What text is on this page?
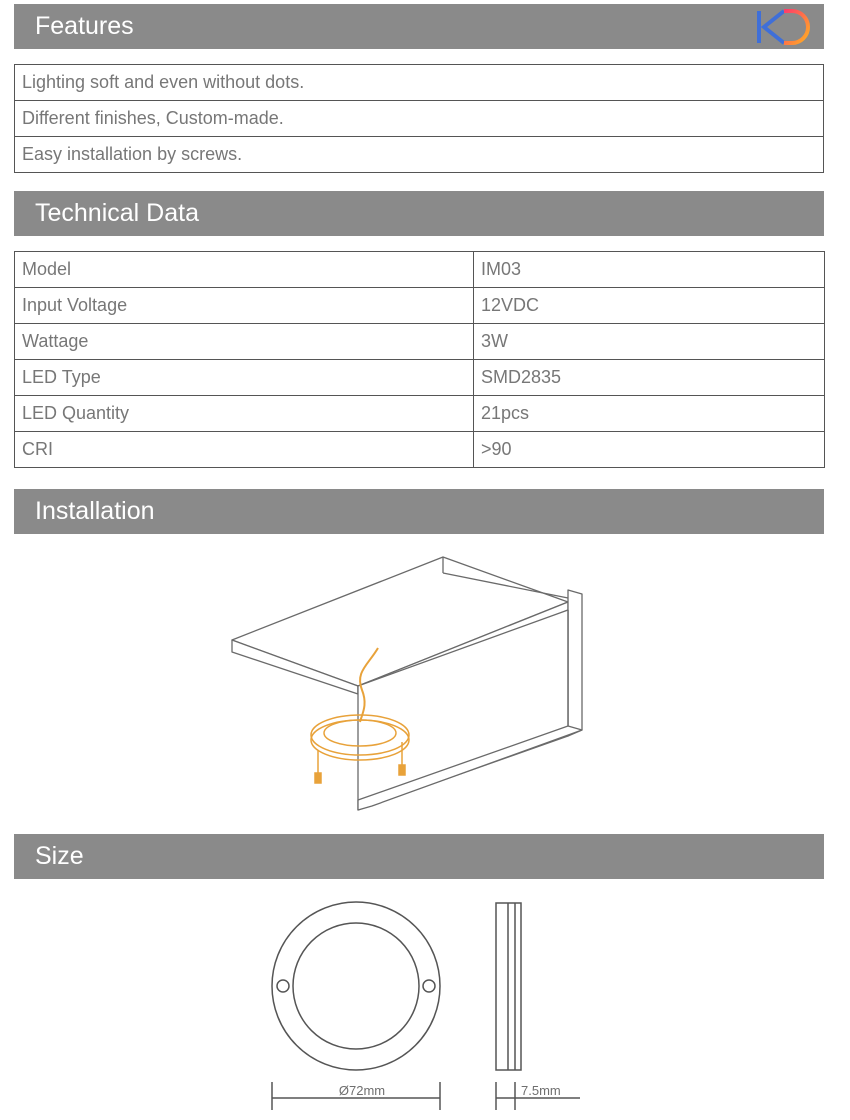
Features
Lighting soft and even without dots.
Different finishes, Custom-made.
Easy installation by screws.
Technical Data
Model	IM03
Input Voltage	12VDC
Wattage	3W
LED Type	SMD2835
LED Quantity	21pcs
CRI	>90
Installation
Size
Ø72mm	7.5mm
